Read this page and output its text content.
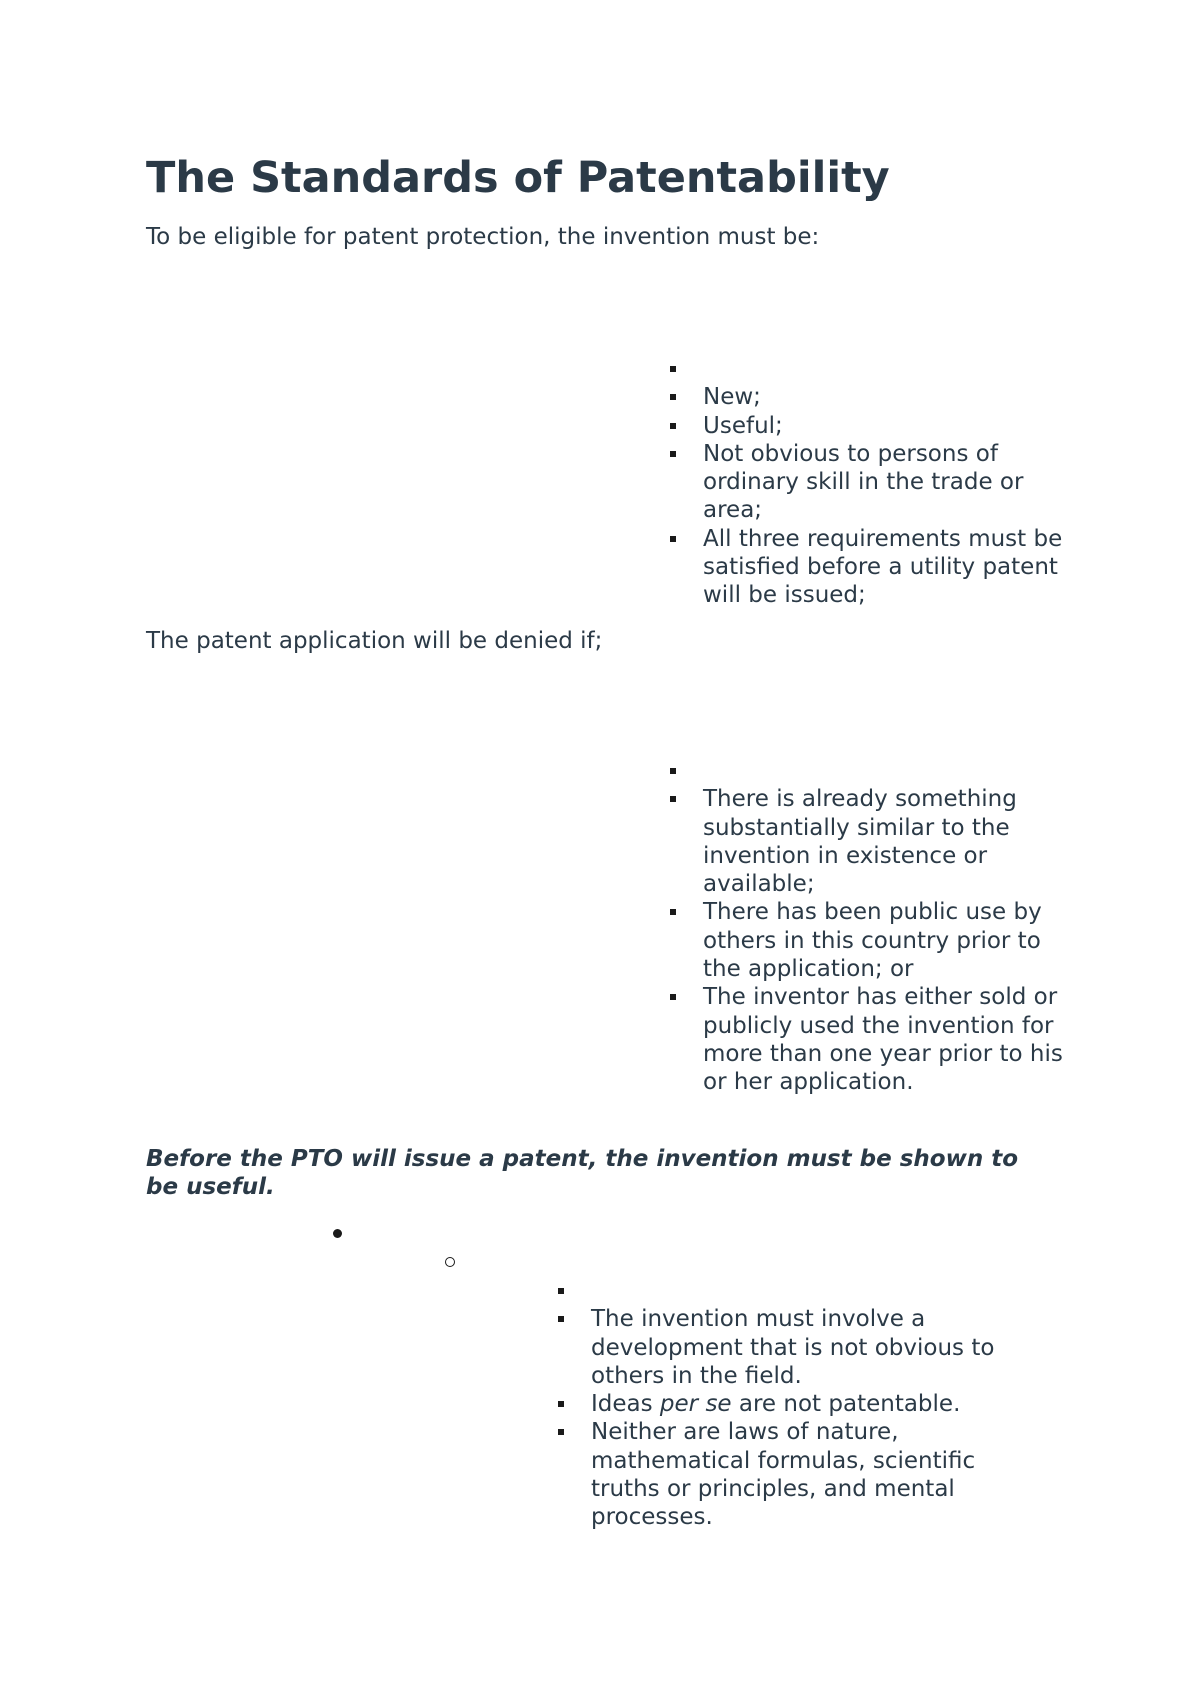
The Standards of Patentability

To be eligible for patent protection, the invention must be:

New;
Useful;
Not obvious to persons of ordinary skill in the trade or area;
All three requirements must be satisfied before a utility patent will be issued;

The patent application will be denied if;

There is already something substantially similar to the invention in existence or available;
There has been public use by others in this country prior to the application; or
The inventor has either sold or publicly used the invention for more than one year prior to his or her application.

Before the PTO will issue a patent, the invention must be shown to be useful.

The invention must involve a development that is not obvious to others in the field.
Ideas per se are not patentable.
Neither are laws of nature, mathematical formulas, scientific truths or principles, and mental processes.
